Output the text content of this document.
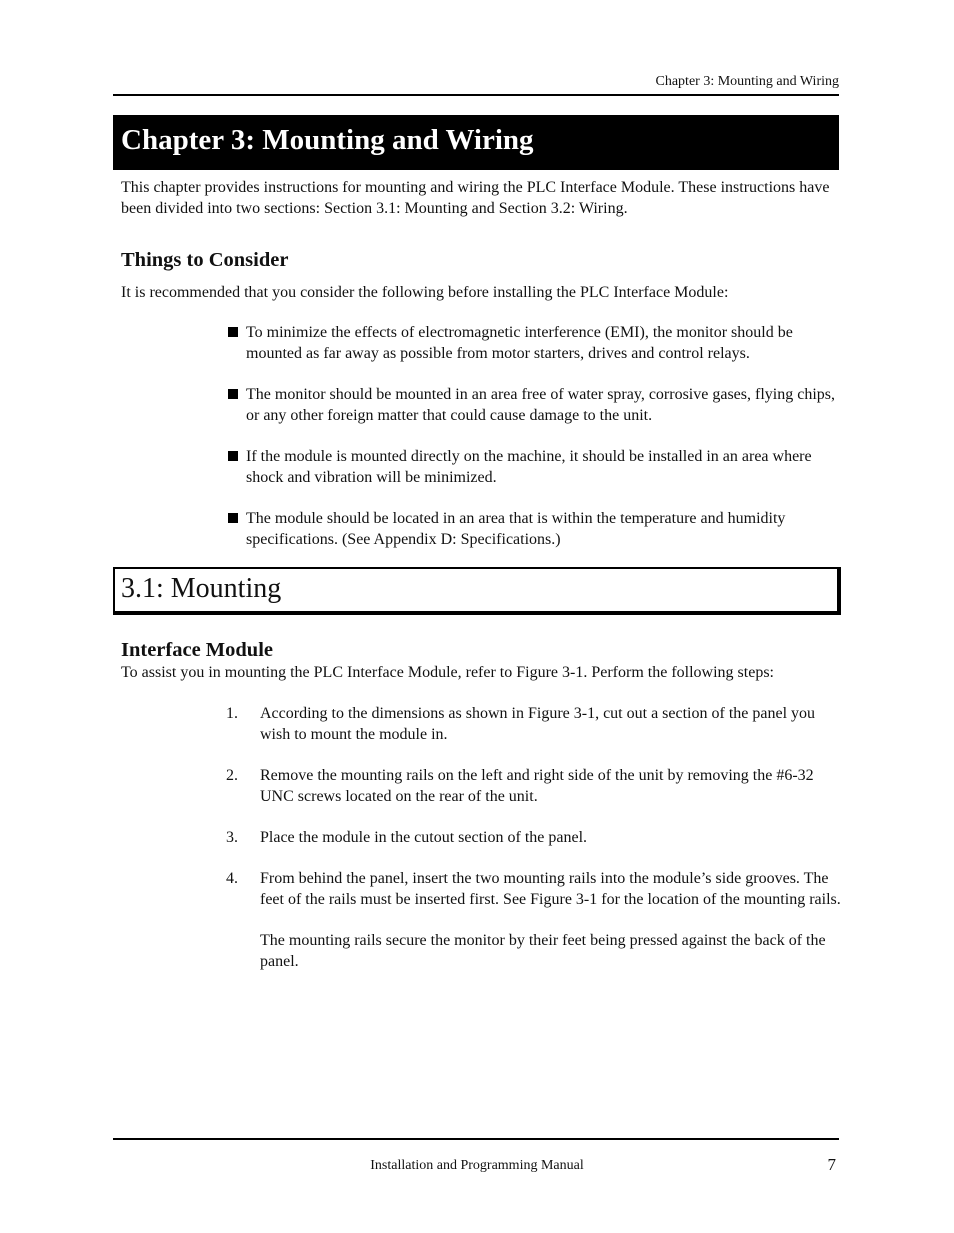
Chapter 3: Mounting and Wiring
Chapter 3: Mounting and Wiring
This chapter provides instructions for mounting and wiring the PLC Interface Module. These instructions have been divided into two sections: Section 3.1: Mounting and Section 3.2: Wiring.
Things to Consider
It is recommended that you consider the following before installing the PLC Interface Module:
To minimize the effects of electromagnetic interference (EMI), the monitor should be mounted as far away as possible from motor starters, drives and control relays.
The monitor should be mounted in an area free of water spray, corrosive gases, flying chips, or any other foreign matter that could cause damage to the unit.
If the module is mounted directly on the machine, it should be installed in an area where shock and vibration will be minimized.
The module should be located in an area that is within the temperature and humidity specifications. (See Appendix D: Specifications.)
3.1: Mounting
Interface Module
To assist you in mounting the PLC Interface Module, refer to Figure 3-1. Perform the following steps:
1. According to the dimensions as shown in Figure 3-1, cut out a section of the panel you wish to mount the module in.
2. Remove the mounting rails on the left and right side of the unit by removing the #6-32 UNC screws located on the rear of the unit.
3. Place the module in the cutout section of the panel.
4. From behind the panel, insert the two mounting rails into the module’s side grooves. The feet of the rails must be inserted first. See Figure 3-1 for the location of the mounting rails.
The mounting rails secure the monitor by their feet being pressed against the back of the panel.
Installation and Programming Manual	7
